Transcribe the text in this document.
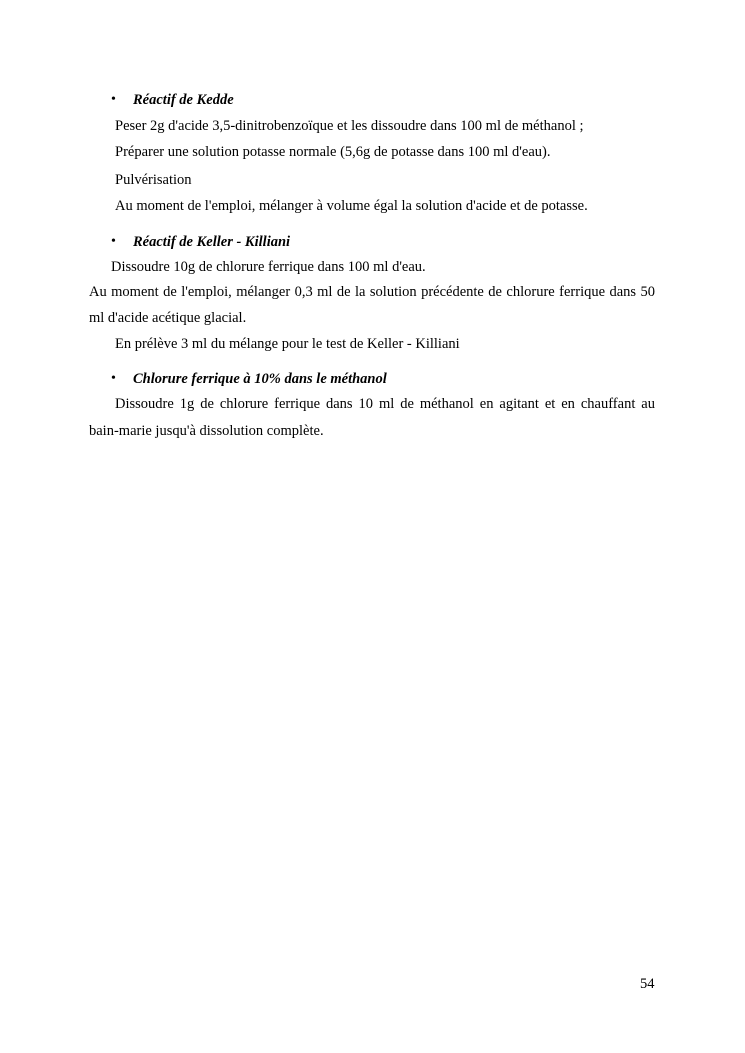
• Réactif de Kedde
Peser 2g d'acide 3,5-dinitrobenzoïque et les dissoudre dans 100 ml de méthanol ;
Préparer une solution potasse normale (5,6g de potasse dans 100 ml d'eau).
Pulvérisation
Au moment de l'emploi, mélanger à volume égal la solution d'acide et de potasse.
• Réactif de Keller - Killiani
Dissoudre 10g de chlorure ferrique dans 100 ml d'eau.
Au moment de l'emploi, mélanger 0,3 ml de la solution précédente de chlorure ferrique dans 50
ml d'acide acétique glacial.
En prélève 3 ml du mélange pour le test de Keller - Killiani
• Chlorure ferrique à 10% dans le méthanol
Dissoudre 1g de chlorure ferrique dans 10 ml de méthanol en agitant et en chauffant au
bain-marie jusqu'à dissolution complète.
54
